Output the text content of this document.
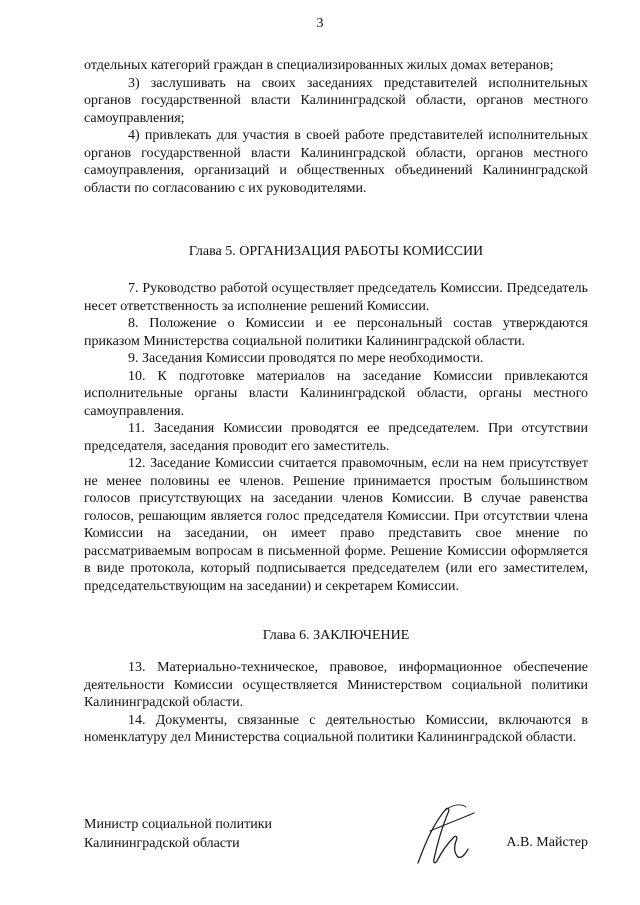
3

отдельных категорий граждан в специализированных жилых домах ветеранов;

3) заслушивать на своих заседаниях представителей исполнительных органов государственной власти Калининградской области, органов местного самоуправления;

4) привлекать для участия в своей работе представителей исполнительных органов государственной власти Калининградской области, органов местного самоуправления, организаций и общественных объединений Калининградской области по согласованию с их руководителями.

Глава 5. ОРГАНИЗАЦИЯ РАБОТЫ КОМИССИИ

7. Руководство работой осуществляет председатель Комиссии. Председатель несет ответственность за исполнение решений Комиссии.

8. Положение о Комиссии и ее персональный состав утверждаются приказом Министерства социальной политики Калининградской области.

9. Заседания Комиссии проводятся по мере необходимости.

10. К подготовке материалов на заседание Комиссии привлекаются исполнительные органы власти Калининградской области, органы местного самоуправления.

11. Заседания Комиссии проводятся ее председателем. При отсутствии председателя, заседания проводит его заместитель.

12. Заседание Комиссии считается правомочным, если на нем присутствует не менее половины ее членов. Решение принимается простым большинством голосов присутствующих на заседании членов Комиссии. В случае равенства голосов, решающим является голос председателя Комиссии. При отсутствии члена Комиссии на заседании, он имеет право представить свое мнение по рассматриваемым вопросам в письменной форме. Решение Комиссии оформляется в виде протокола, который подписывается председателем (или его заместителем, председательствующим на заседании) и секретарем Комиссии.

Глава 6. ЗАКЛЮЧЕНИЕ

13. Материально-техническое, правовое, информационное обеспечение деятельности Комиссии осуществляется Министерством социальной политики Калининградской области.

14. Документы, связанные с деятельностью Комиссии, включаются в номенклатуру дел Министерства социальной политики Калининградской области.

Министр социальной политики
Калининградской области	А.В. Майстер
